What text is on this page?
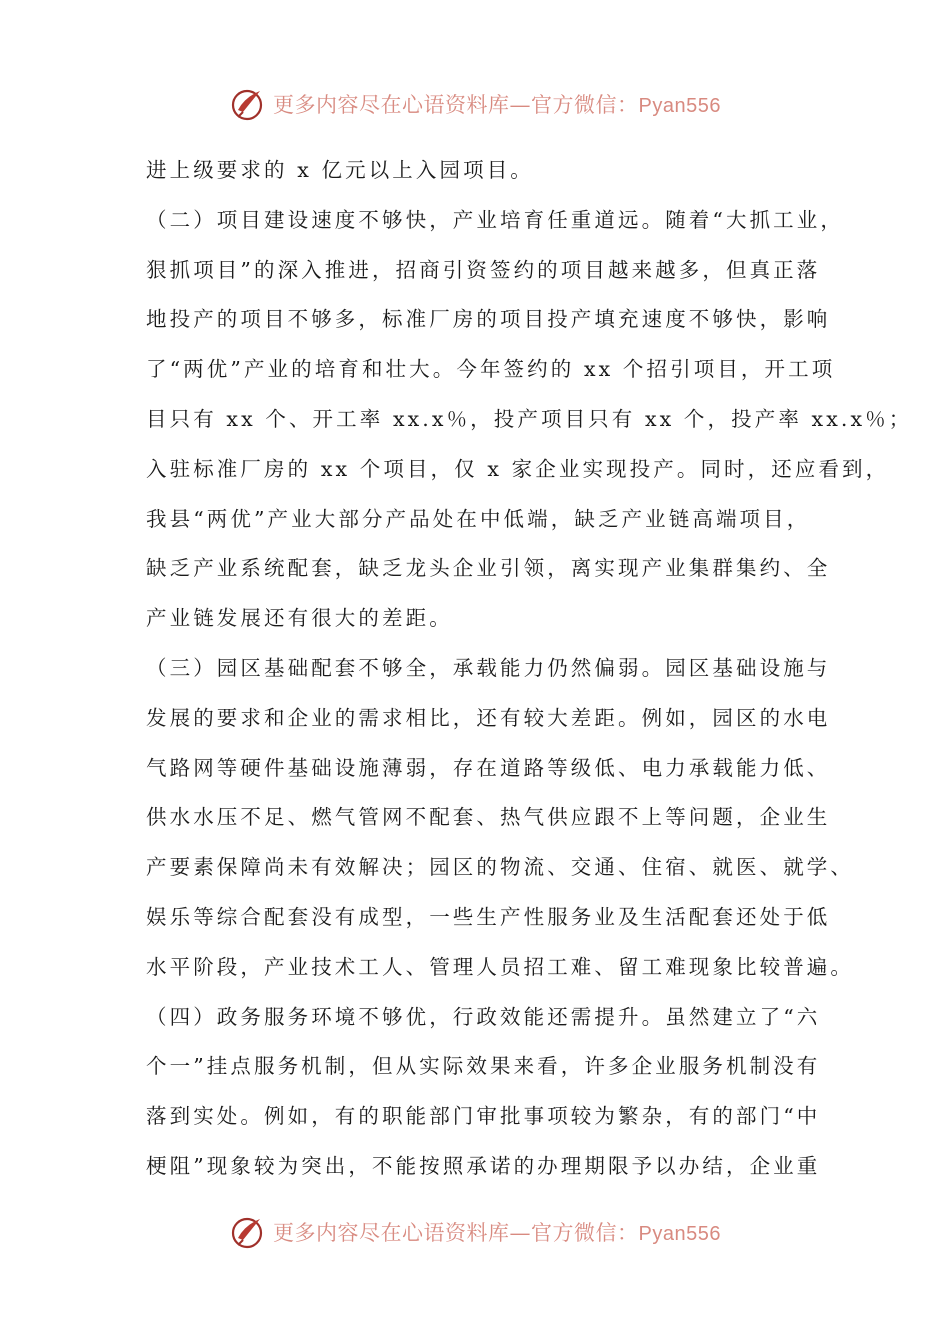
更多内容尽在心语资料库—官方微信：Pyan556
进上级要求的 x 亿元以上入园项目。
（二）项目建设速度不够快，产业培育任重道远。随着“大抓工业，
狠抓项目”的深入推进，招商引资签约的项目越来越多，但真正落
地投产的项目不够多，标准厂房的项目投产填充速度不够快，影响
了“两优”产业的培育和壮大。今年签约的 xx 个招引项目，开工项
目只有 xx 个、开工率 xx.x％，投产项目只有 xx 个，投产率 xx.x％；
入驻标准厂房的 xx 个项目，仅 x 家企业实现投产。同时，还应看到，
我县“两优”产业大部分产品处在中低端，缺乏产业链高端项目，
缺乏产业系统配套，缺乏龙头企业引领，离实现产业集群集约、全
产业链发展还有很大的差距。
（三）园区基础配套不够全，承载能力仍然偏弱。园区基础设施与
发展的要求和企业的需求相比，还有较大差距。例如，园区的水电
气路网等硬件基础设施薄弱，存在道路等级低、电力承载能力低、
供水水压不足、燃气管网不配套、热气供应跟不上等问题，企业生
产要素保障尚未有效解决；园区的物流、交通、住宿、就医、就学、
娱乐等综合配套没有成型，一些生产性服务业及生活配套还处于低
水平阶段，产业技术工人、管理人员招工难、留工难现象比较普遍。
（四）政务服务环境不够优，行政效能还需提升。虽然建立了“六
个一”挂点服务机制，但从实际效果来看，许多企业服务机制没有
落到实处。例如，有的职能部门审批事项较为繁杂，有的部门“中
梗阻”现象较为突出，不能按照承诺的办理期限予以办结，企业重
更多内容尽在心语资料库—官方微信：Pyan556
